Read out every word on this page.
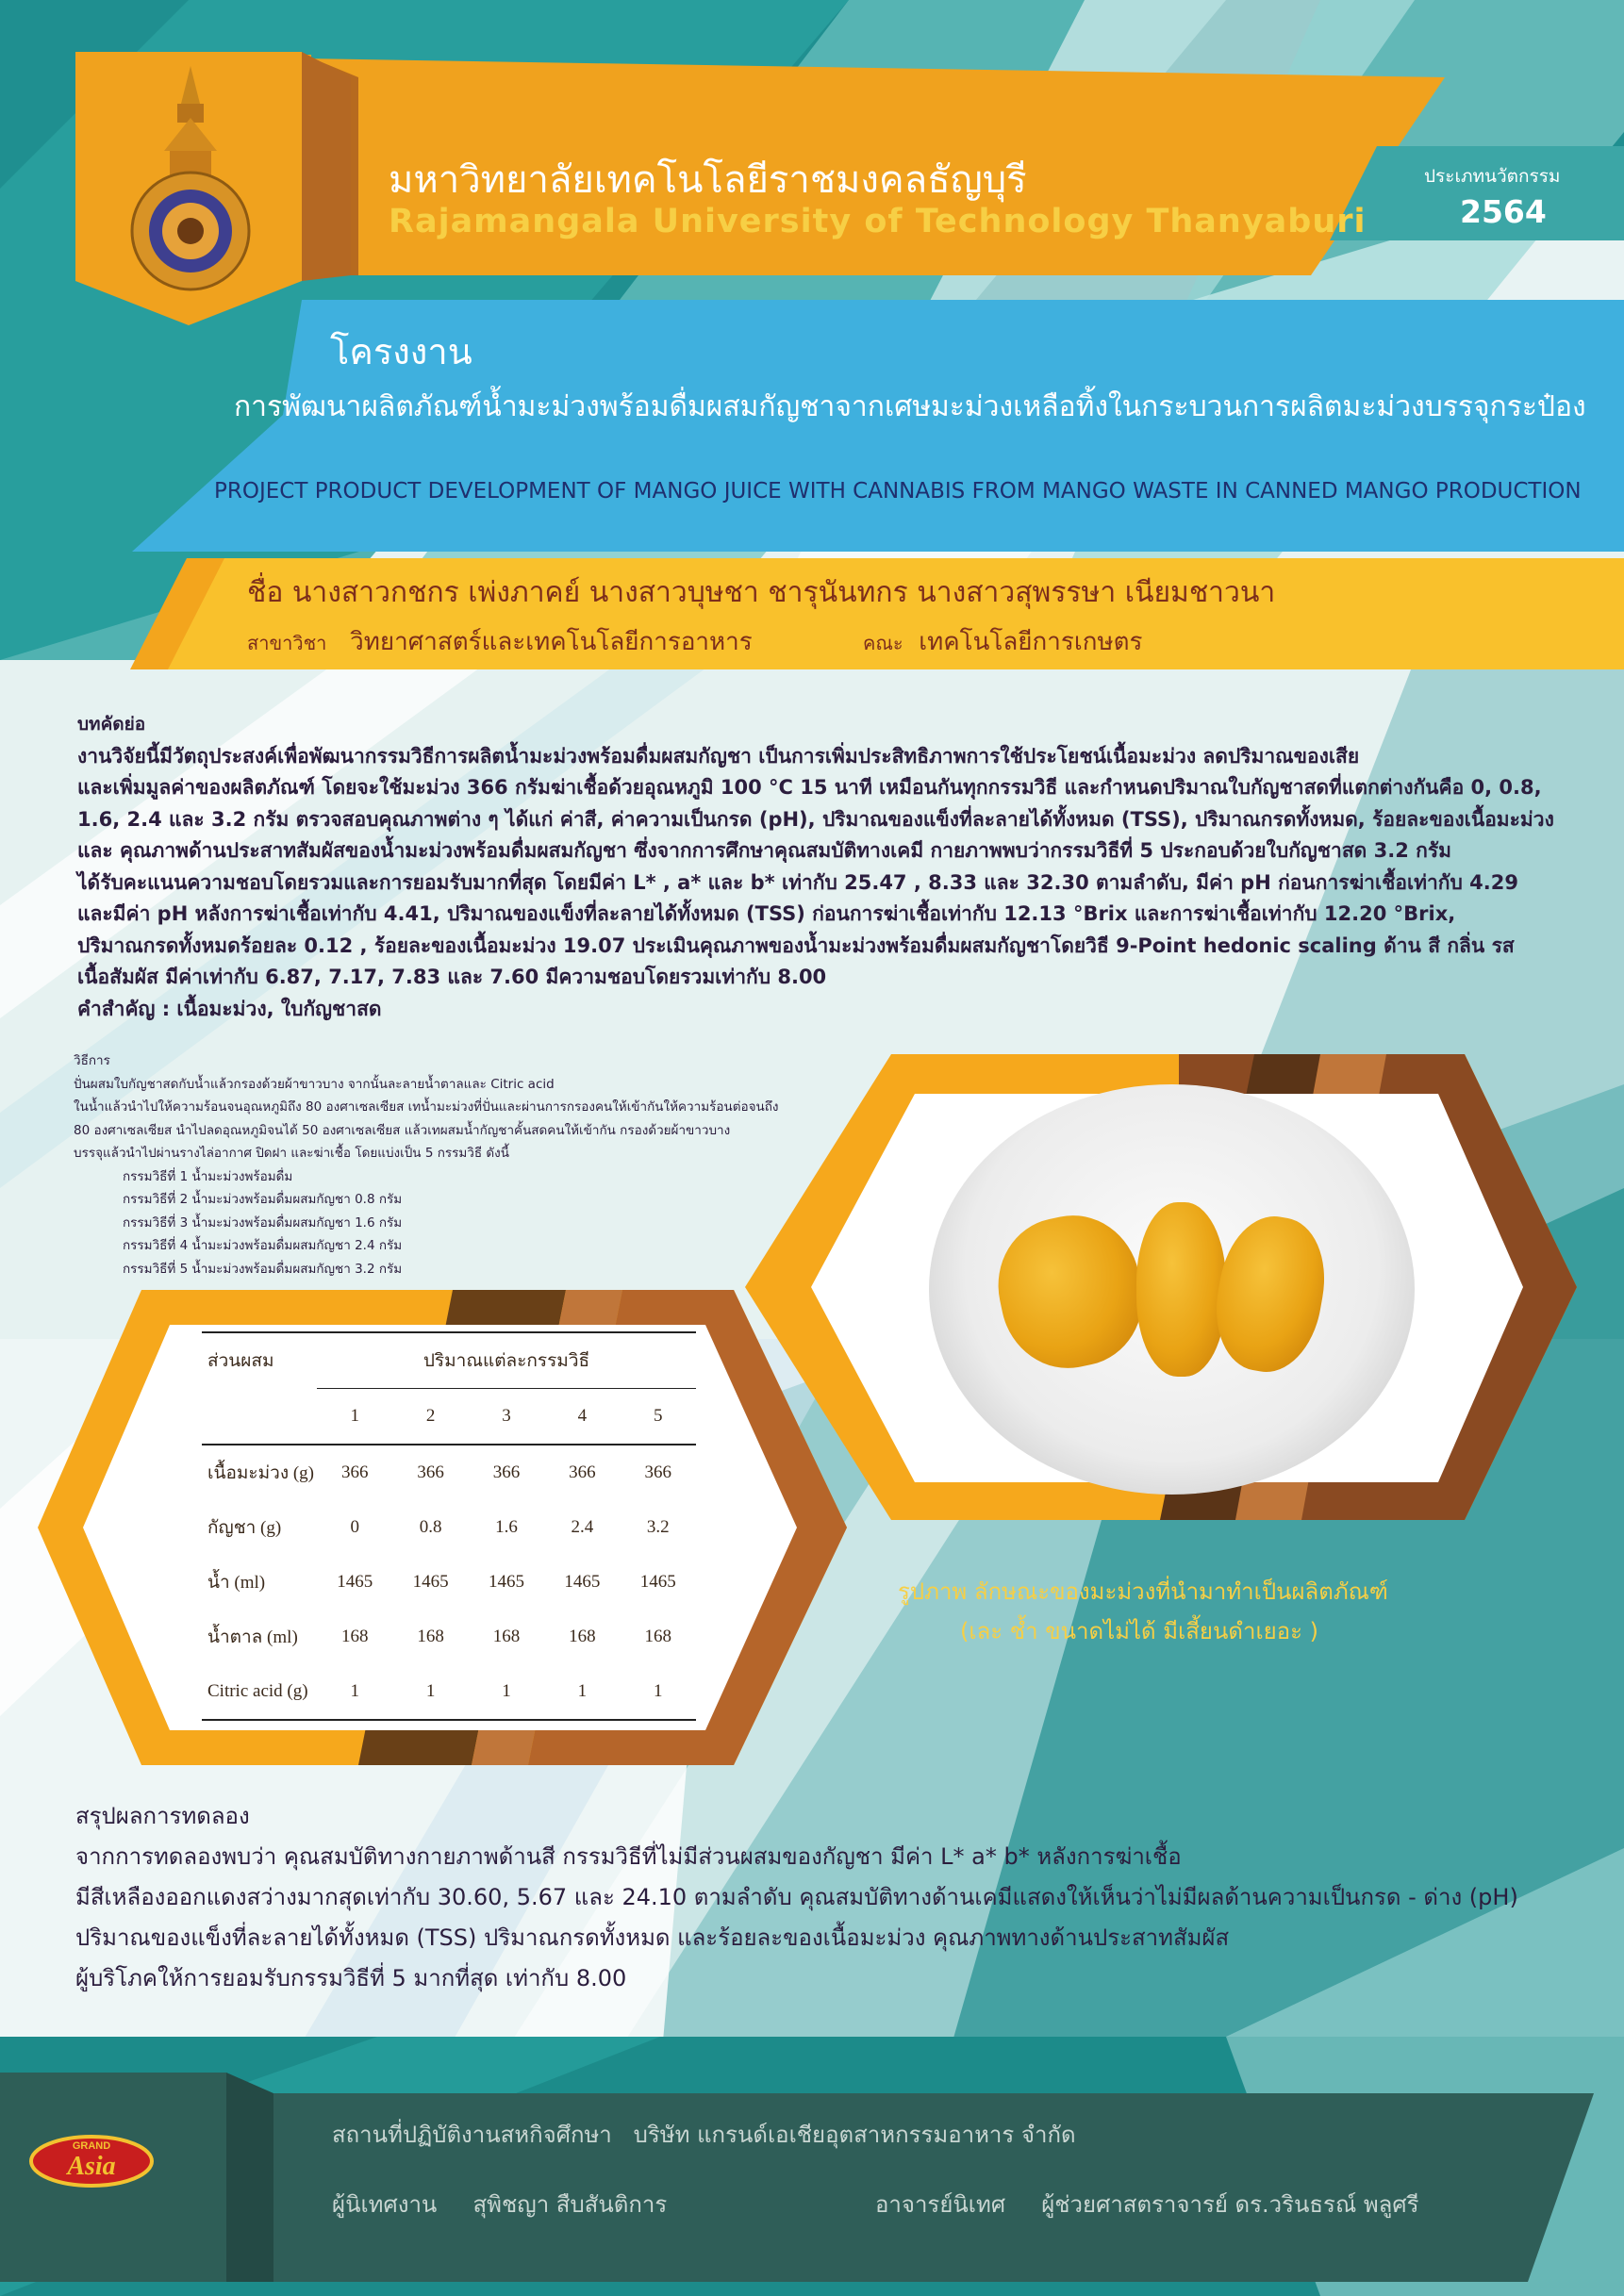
มหาวิทยาลัยเทคโนโลยีราชมงคลธัญบุรี
Rajamangala University of Technology Thanyaburi
ประเภทนวัตกรรม
2564
โครงงาน
การพัฒนาผลิตภัณฑ์น้ำมะม่วงพร้อมดื่มผสมกัญชาจากเศษมะม่วงเหลือทิ้งในกระบวนการผลิตมะม่วงบรรจุกระป๋อง
PROJECT PRODUCT DEVELOPMENT OF MANGO JUICE WITH CANNABIS FROM MANGO WASTE IN CANNED MANGO PRODUCTION
ชื่อ นางสาวกชกร เพ่งภาคย์ นางสาวบุษชา ชารุนันทกร นางสาวสุพรรษา เนียมชาวนา
สาขาวิชา วิทยาศาสตร์และเทคโนโลยีการอาหาร	คณะ เทคโนโลยีการเกษตร
บทคัดย่อ
งานวิจัยนี้มีวัตถุประสงค์เพื่อพัฒนากรรมวิธีการผลิตน้ำมะม่วงพร้อมดื่มผสมกัญชา เป็นการเพิ่มประสิทธิภาพการใช้ประโยชน์เนื้อมะม่วง ลดปริมาณของเสีย
และเพิ่มมูลค่าของผลิตภัณฑ์ โดยจะใช้มะม่วง 366 กรัมฆ่าเชื้อด้วยอุณหภูมิ 100 °C 15 นาที เหมือนกันทุกกรรมวิธี และกำหนดปริมาณใบกัญชาสดที่แตกต่างกันคือ 0, 0.8,
1.6, 2.4 และ 3.2 กรัม ตรวจสอบคุณภาพต่าง ๆ ได้แก่ ค่าสี, ค่าความเป็นกรด (pH), ปริมาณของแข็งที่ละลายได้ทั้งหมด (TSS), ปริมาณกรดทั้งหมด, ร้อยละของเนื้อมะม่วง
และ คุณภาพด้านประสาทสัมผัสของน้ำมะม่วงพร้อมดื่มผสมกัญชา ซึ่งจากการศึกษาคุณสมบัติทางเคมี กายภาพพบว่ากรรมวิธีที่ 5 ประกอบด้วยใบกัญชาสด 3.2 กรัม
ได้รับคะแนนความชอบโดยรวมและการยอมรับมากที่สุด โดยมีค่า L* , a* และ b* เท่ากับ 25.47 , 8.33 และ 32.30 ตามลำดับ, มีค่า pH ก่อนการฆ่าเชื้อเท่ากับ 4.29
และมีค่า pH หลังการฆ่าเชื้อเท่ากับ 4.41, ปริมาณของแข็งที่ละลายได้ทั้งหมด (TSS) ก่อนการฆ่าเชื้อเท่ากับ 12.13 °Brix และการฆ่าเชื้อเท่ากับ 12.20 °Brix,
ปริมาณกรดทั้งหมดร้อยละ 0.12 , ร้อยละของเนื้อมะม่วง 19.07 ประเมินคุณภาพของน้ำมะม่วงพร้อมดื่มผสมกัญชาโดยวิธี 9-Point hedonic scaling ด้าน สี กลิ่น รส
เนื้อสัมผัส มีค่าเท่ากับ 6.87, 7.17, 7.83 และ 7.60 มีความชอบโดยรวมเท่ากับ 8.00
คำสำคัญ : เนื้อมะม่วง, ใบกัญชาสด
วิธีการ
ปั่นผสมใบกัญชาสดกับน้ำแล้วกรองด้วยผ้าขาวบาง จากนั้นละลายน้ำตาลและ Citric acid
ในน้ำแล้วนำไปให้ความร้อนจนอุณหภูมิถึง 80 องศาเซลเซียส เทน้ำมะม่วงที่ปั่นและผ่านการกรองคนให้เข้ากันให้ความร้อนต่อจนถึง
80 องศาเซลเซียส นำไปลดอุณหภูมิจนได้ 50 องศาเซลเซียส แล้วเทผสมน้ำกัญชาคั้นสดคนให้เข้ากัน กรองด้วยผ้าขาวบาง
บรรจุแล้วนำไปผ่านรางไล่อากาศ ปิดฝา และฆ่าเชื้อ โดยแบ่งเป็น 5 กรรมวิธี ดังนี้
กรรมวิธีที่ 1 น้ำมะม่วงพร้อมดื่ม
กรรมวิธีที่ 2 น้ำมะม่วงพร้อมดื่มผสมกัญชา 0.8 กรัม
กรรมวิธีที่ 3 น้ำมะม่วงพร้อมดื่มผสมกัญชา 1.6 กรัม
กรรมวิธีที่ 4 น้ำมะม่วงพร้อมดื่มผสมกัญชา 2.4 กรัม
กรรมวิธีที่ 5 น้ำมะม่วงพร้อมดื่มผสมกัญชา 3.2 กรัม
ส่วนผสม	ปริมาณแต่ละกรรมวิธี				
	1	2	3	4	5
เนื้อมะม่วง (g)	366	366	366	366	366
กัญชา (g)	0	0.8	1.6	2.4	3.2
น้ำ (ml)	1465	1465	1465	1465	1465
น้ำตาล (ml)	168	168	168	168	168
Citric acid (g)	1	1	1	1	1
รูปภาพ ลักษณะของมะม่วงที่นำมาทำเป็นผลิตภัณฑ์
(เละ ช้ำ ขนาดไม่ได้ มีเสี้ยนดำเยอะ )
สรุปผลการทดลอง
จากการทดลองพบว่า คุณสมบัติทางกายภาพด้านสี กรรมวิธีที่ไม่มีส่วนผสมของกัญชา มีค่า L* a* b* หลังการฆ่าเชื้อ
มีสีเหลืองออกแดงสว่างมากสุดเท่ากับ 30.60, 5.67 และ 24.10 ตามลำดับ คุณสมบัติทางด้านเคมีแสดงให้เห็นว่าไม่มีผลด้านความเป็นกรด - ด่าง (pH)
ปริมาณของแข็งที่ละลายได้ทั้งหมด (TSS) ปริมาณกรดทั้งหมด และร้อยละของเนื้อมะม่วง คุณภาพทางด้านประสาทสัมผัส
ผู้บริโภคให้การยอมรับกรรมวิธีที่ 5 มากที่สุด เท่ากับ 8.00
GRAND
Asia
สถานที่ปฏิบัติงานสหกิจศึกษา บริษัท แกรนด์เอเชียอุตสาหกรรมอาหาร จำกัด
ผู้นิเทศงาน สุพิชญา สืบสันติการ	อาจารย์นิเทศ ผู้ช่วยศาสตราจารย์ ดร.วรินธรณ์ พลูศรี
